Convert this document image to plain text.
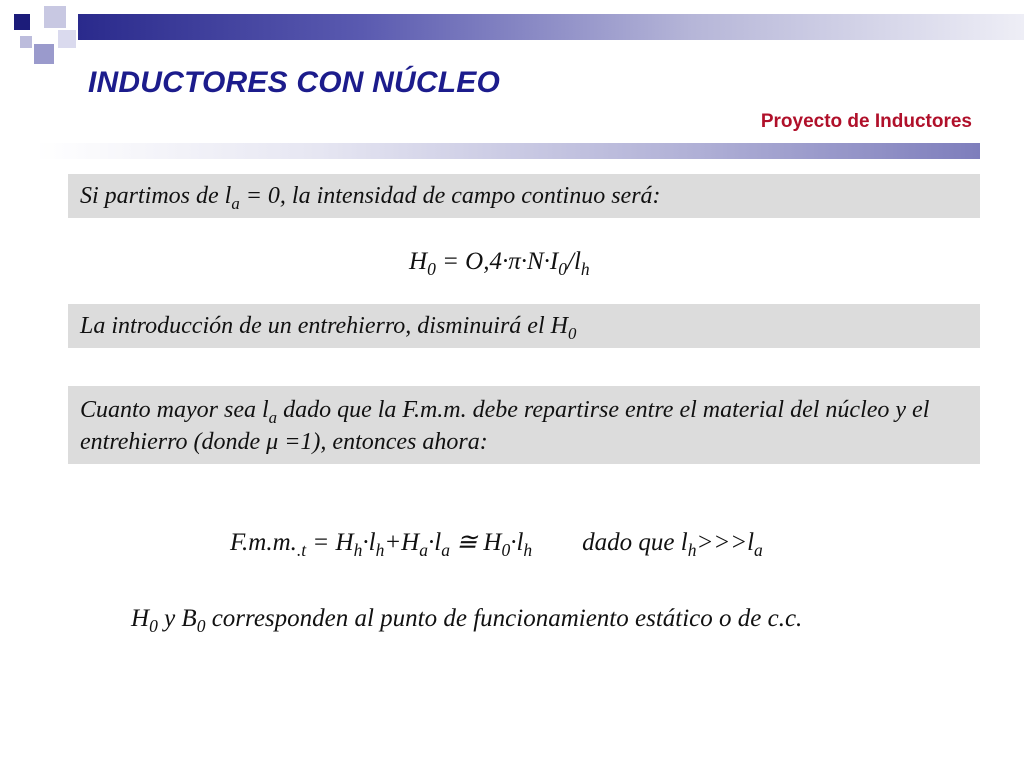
INDUCTORES CON NÚCLEO
Proyecto de Inductores
Si partimos de $l_a = 0$, la intensidad de campo continuo será:
$H_0 = O,4\cdot\pi\cdot N\cdot I_0/l_h$
La introducción de un entrehierro, disminuirá el $H_0$
Cuanto mayor sea $l_a$ dado que la F.m.m. debe repartirse entre el material del núcleo y el entrehierro (donde μ =1), entonces ahora:
$F.m.m._{.t} = H_h\cdot l_h+H_a\cdot l_a$ ≅ $H_0\cdot l_h$        dado que $l_h>>>l_a$
$H_0$ y $B_0$ corresponden al punto de funcionamiento estático o de c.c.
